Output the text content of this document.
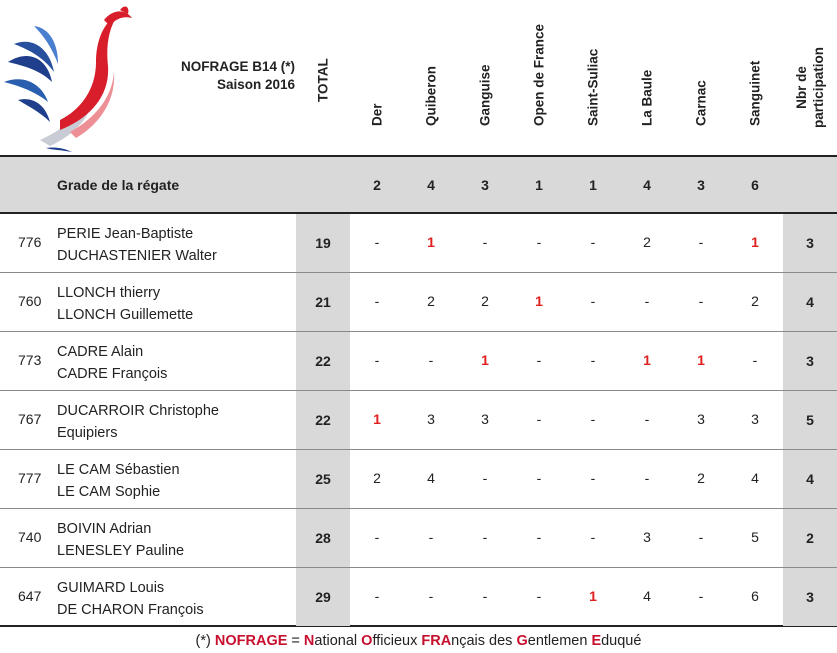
NOFRAGE B14 (*)
Saison 2016 TOTAL
Der	Quiberon	Ganguise	Open de France	Saint-Suliac	La Baule	Carnac	Sanguinet Nbr de
participation
Grade de la régate	2	4	3	1	1	4	3	6
776 PERIE Jean-Baptiste
DUCHASTENIER Walter
19	-	1	-	-	-	2	-	1	3
760 LLONCH thierry
LLONCH Guillemette
21	-	2	2	1	-	-	-	2	4
773 CADRE Alain
CADRE François
22	-	-	1	-	-	1	1	-	3
767 DUCARROIR Christophe
Equipiers
22	1	3	3	-	-	-	3	3	5
777 LE CAM Sébastien
LE CAM Sophie
25	2	4	-	-	-	-	2	4	4
740 BOIVIN Adrian
LENESLEY Pauline
28	-	-	-	-	-	3	-	5	2
647 GUIMARD Louis
DE CHARON François
29	-	-	-	-	1	4	-	6	3
(*) NOFRAGE = National Officieux FRAnçais des Gentlemen Eduqué
